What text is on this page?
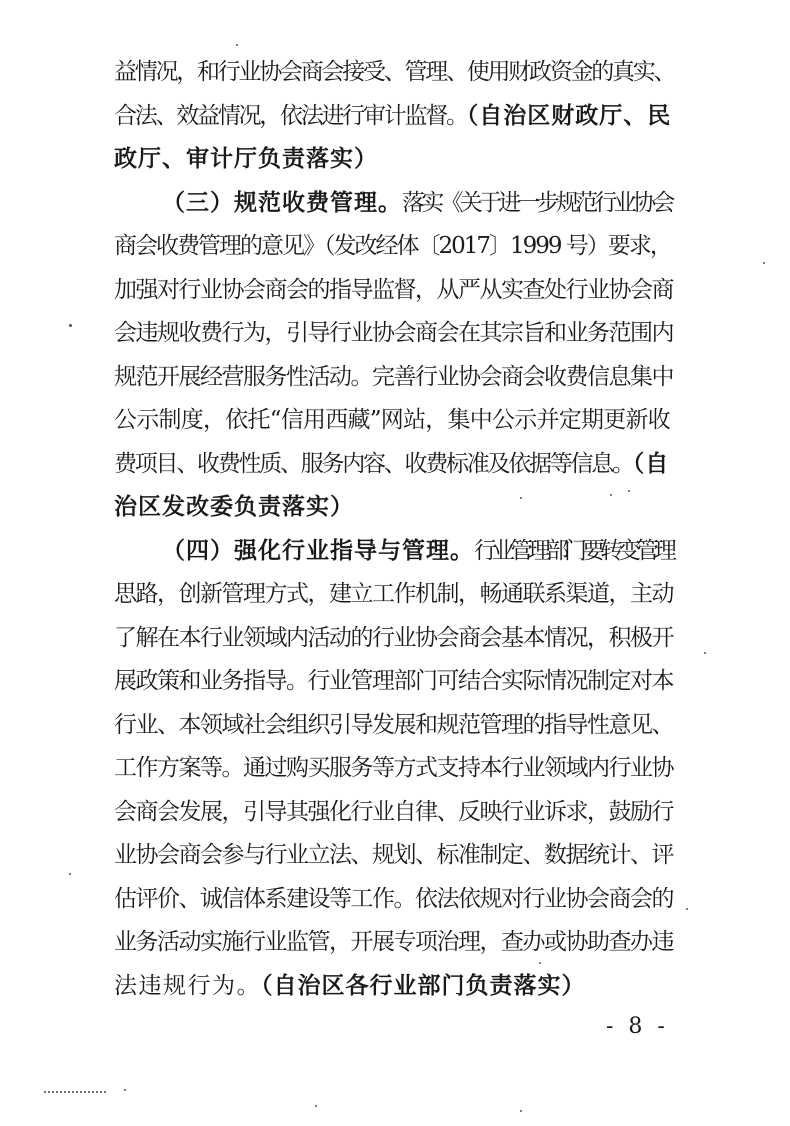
益情况，和行业协会商会接受、管理、使用财政资金的真实、
合法、效益情况，依法进行审计监督。（自治区财政厅、民
政厅、审计厅负责落实）
（三）规范收费管理。落实《关于进一步规范行业协会
商会收费管理的意见》（发改经体〔2017〕1999 号）要求，
加强对行业协会商会的指导监督，从严从实查处行业协会商
会违规收费行为，引导行业协会商会在其宗旨和业务范围内
规范开展经营服务性活动。完善行业协会商会收费信息集中
公示制度，依托“信用西藏”网站，集中公示并定期更新收
费项目、收费性质、服务内容、收费标准及依据等信息。（自
治区发改委负责落实）
（四）强化行业指导与管理。行业管理部门要转变管理
思路，创新管理方式，建立工作机制，畅通联系渠道，主动
了解在本行业领域内活动的行业协会商会基本情况，积极开
展政策和业务指导。行业管理部门可结合实际情况制定对本
行业、本领域社会组织引导发展和规范管理的指导性意见、
工作方案等。通过购买服务等方式支持本行业领域内行业协
会商会发展，引导其强化行业自律、反映行业诉求，鼓励行
业协会商会参与行业立法、规划、标准制定、数据统计、评
估评价、诚信体系建设等工作。依法依规对行业协会商会的
业务活动实施行业监管，开展专项治理，查办或协助查办违
法违规行为。（自治区各行业部门负责落实）
- 8 -
